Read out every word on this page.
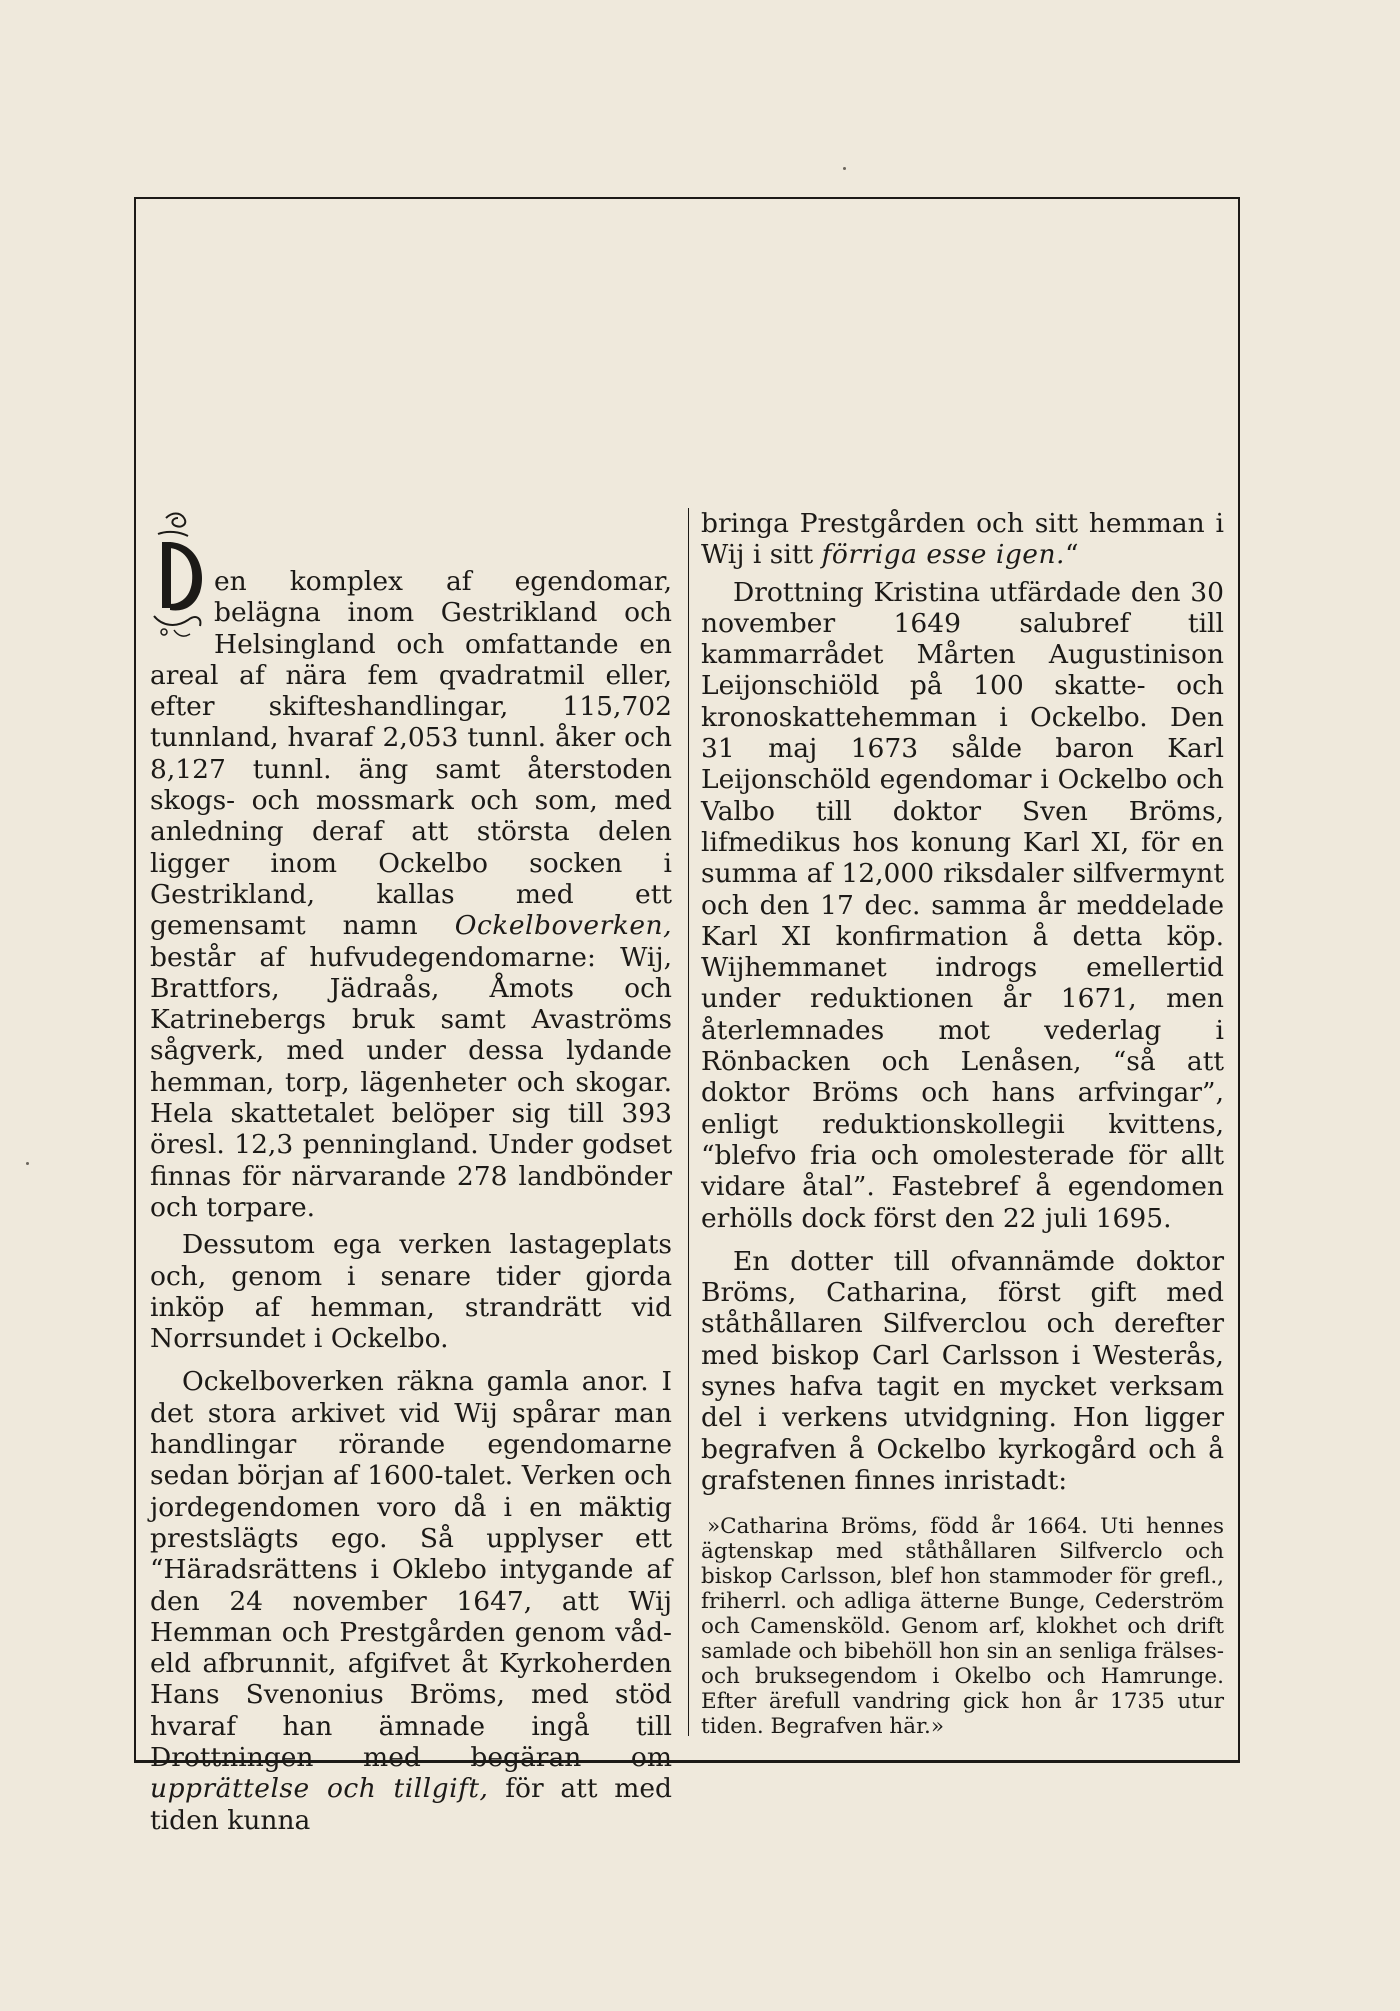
en komplex af egendomar, belägna inom Gestrikland och Helsingland och omfattande en areal af nära fem qvadratmil eller, efter skifteshandlingar, 115,702 tunnland, hvaraf 2,053 tunnl. åker och 8,127 tunnl. äng samt återstoden skogs- och mossmark och som, med anledning deraf att största delen ligger inom Ockelbo socken i Gestrikland, kallas med ett gemensamt namn Ockelboverken, består af hufvudegendomarne: Wij, Brattfors, Jädraås, Åmots och Katrinebergs bruk samt Avaströms sågverk, med under dessa lydande hemman, torp, lägenheter och skogar. Hela skattetalet belöper sig till 393 öresl. 12,3 penningland. Under godset finnas för närvarande 278 landbönder och torpare.

Dessutom ega verken lastageplats och, genom i senare tider gjorda inköp af hemman, strandrätt vid Norrsundet i Ockelbo.

Ockelboverken räkna gamla anor. I det stora arkivet vid Wij spårar man handlingar rörande egendomarne sedan början af 1600-talet. Verken och jordegendomen voro då i en mäktig prestslägts ego. Så upplyser ett “Häradsrättens i Oklebo intygande af den 24 november 1647, att Wij Hemman och Prestgården genom våd-eld afbrunnit, afgifvet åt Kyrkoherden Hans Svenonius Bröms, med stöd hvaraf han ämnade ingå till Drottningen med begäran om upprättelse och tillgift, för att med tiden kunna

bringa Prestgården och sitt hemman i Wij i sitt förriga esse igen.“

Drottning Kristina utfärdade den 30 november 1649 salubref till kammarrådet Mårten Augustinison Leijonschiöld på 100 skatte- och kronoskattehemman i Ockelbo. Den 31 maj 1673 sålde baron Karl Leijonschöld egendomar i Ockelbo och Valbo till doktor Sven Bröms, lifmedikus hos konung Karl XI, för en summa af 12,000 riksdaler silfvermynt och den 17 dec. samma år meddelade Karl XI konfirmation å detta köp. Wijhemmanet indrogs emellertid under reduktionen år 1671, men återlemnades mot vederlag i Rönbacken och Lenåsen, “så att doktor Bröms och hans arfvingar”, enligt reduktionskollegii kvittens, “blefvo fria och omolesterade för allt vidare åtal”. Fastebref å egendomen erhölls dock först den 22 juli 1695.

En dotter till ofvannämde doktor Bröms, Catharina, först gift med ståthållaren Silfverclou och derefter med biskop Carl Carlsson i Westerås, synes hafva tagit en mycket verksam del i verkens utvidgning. Hon ligger begrafven å Ockelbo kyrkogård och å grafstenen finnes inristadt:

»Catharina Bröms, född år 1664. Uti hennes ägtenskap med ståthållaren Silfverclo och biskop Carlsson, blef hon stammoder för grefl., friherrl. och adliga ätterne Bunge, Cederström och Camensköld. Genom arf, klokhet och drift samlade och bibehöll hon sin an senliga frälses- och bruksegendom i Okelbo och Hamrunge. Efter ärefull vandring gick hon år 1735 utur tiden. Begrafven här.»
